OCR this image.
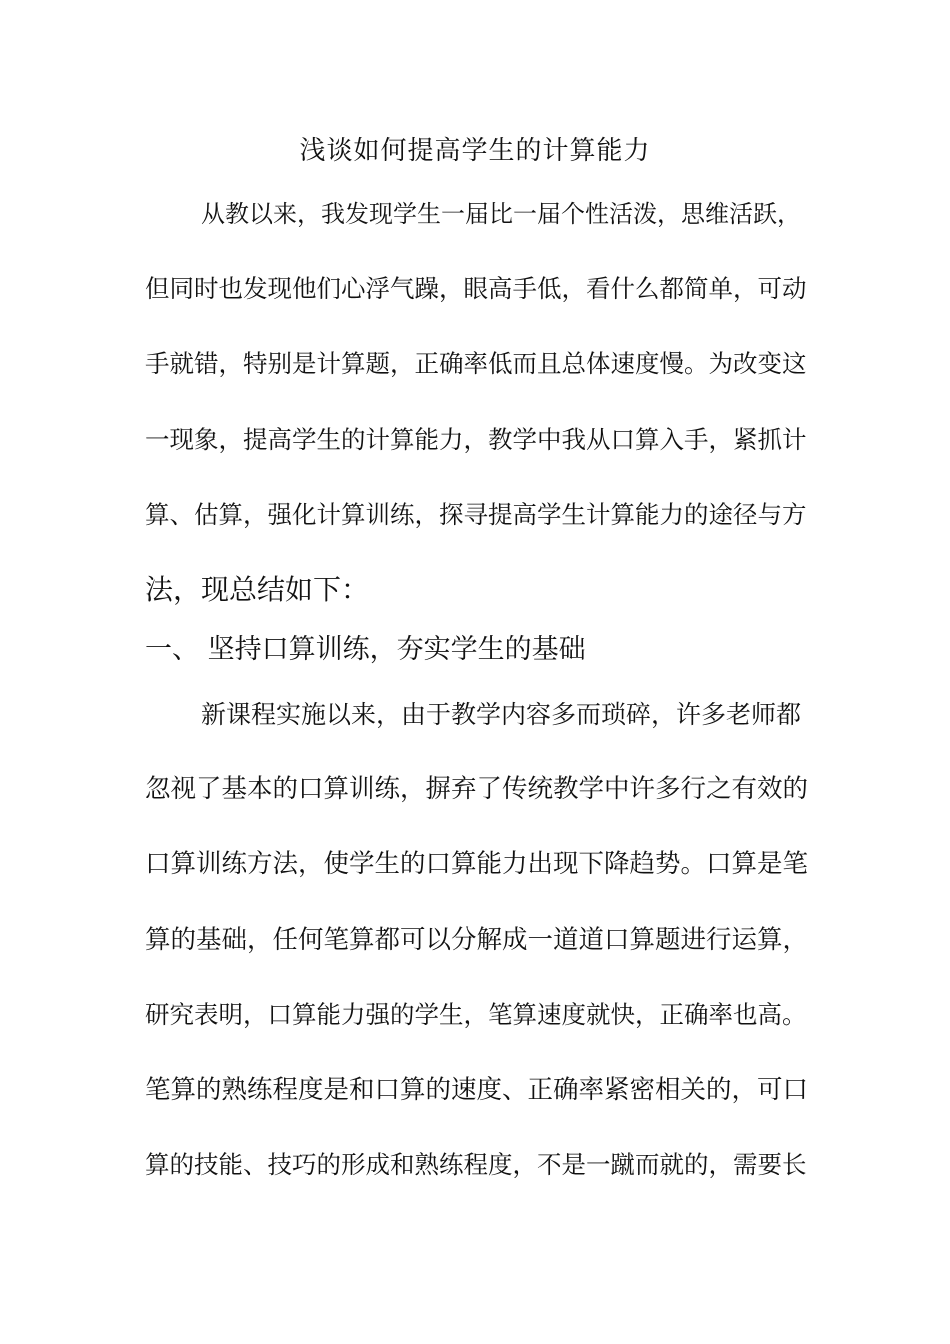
浅谈如何提高学生的计算能力
从教以来，我发现学生一届比一届个性活泼，思维活跃，
但同时也发现他们心浮气躁，眼高手低，看什么都简单，可动
手就错，特别是计算题，正确率低而且总体速度慢。为改变这
一现象，提高学生的计算能力，教学中我从口算入手，紧抓计
算、估算，强化计算训练，探寻提高学生计算能力的途径与方
法，现总结如下：
一、 坚持口算训练，夯实学生的基础
新课程实施以来，由于教学内容多而琐碎，许多老师都
忽视了基本的口算训练，摒弃了传统教学中许多行之有效的
口算训练方法，使学生的口算能力出现下降趋势。口算是笔
算的基础，任何笔算都可以分解成一道道口算题进行运算，
研究表明，口算能力强的学生，笔算速度就快，正确率也高。
笔算的熟练程度是和口算的速度、正确率紧密相关的，可口
算的技能、技巧的形成和熟练程度，不是一蹴而就的，需要长
